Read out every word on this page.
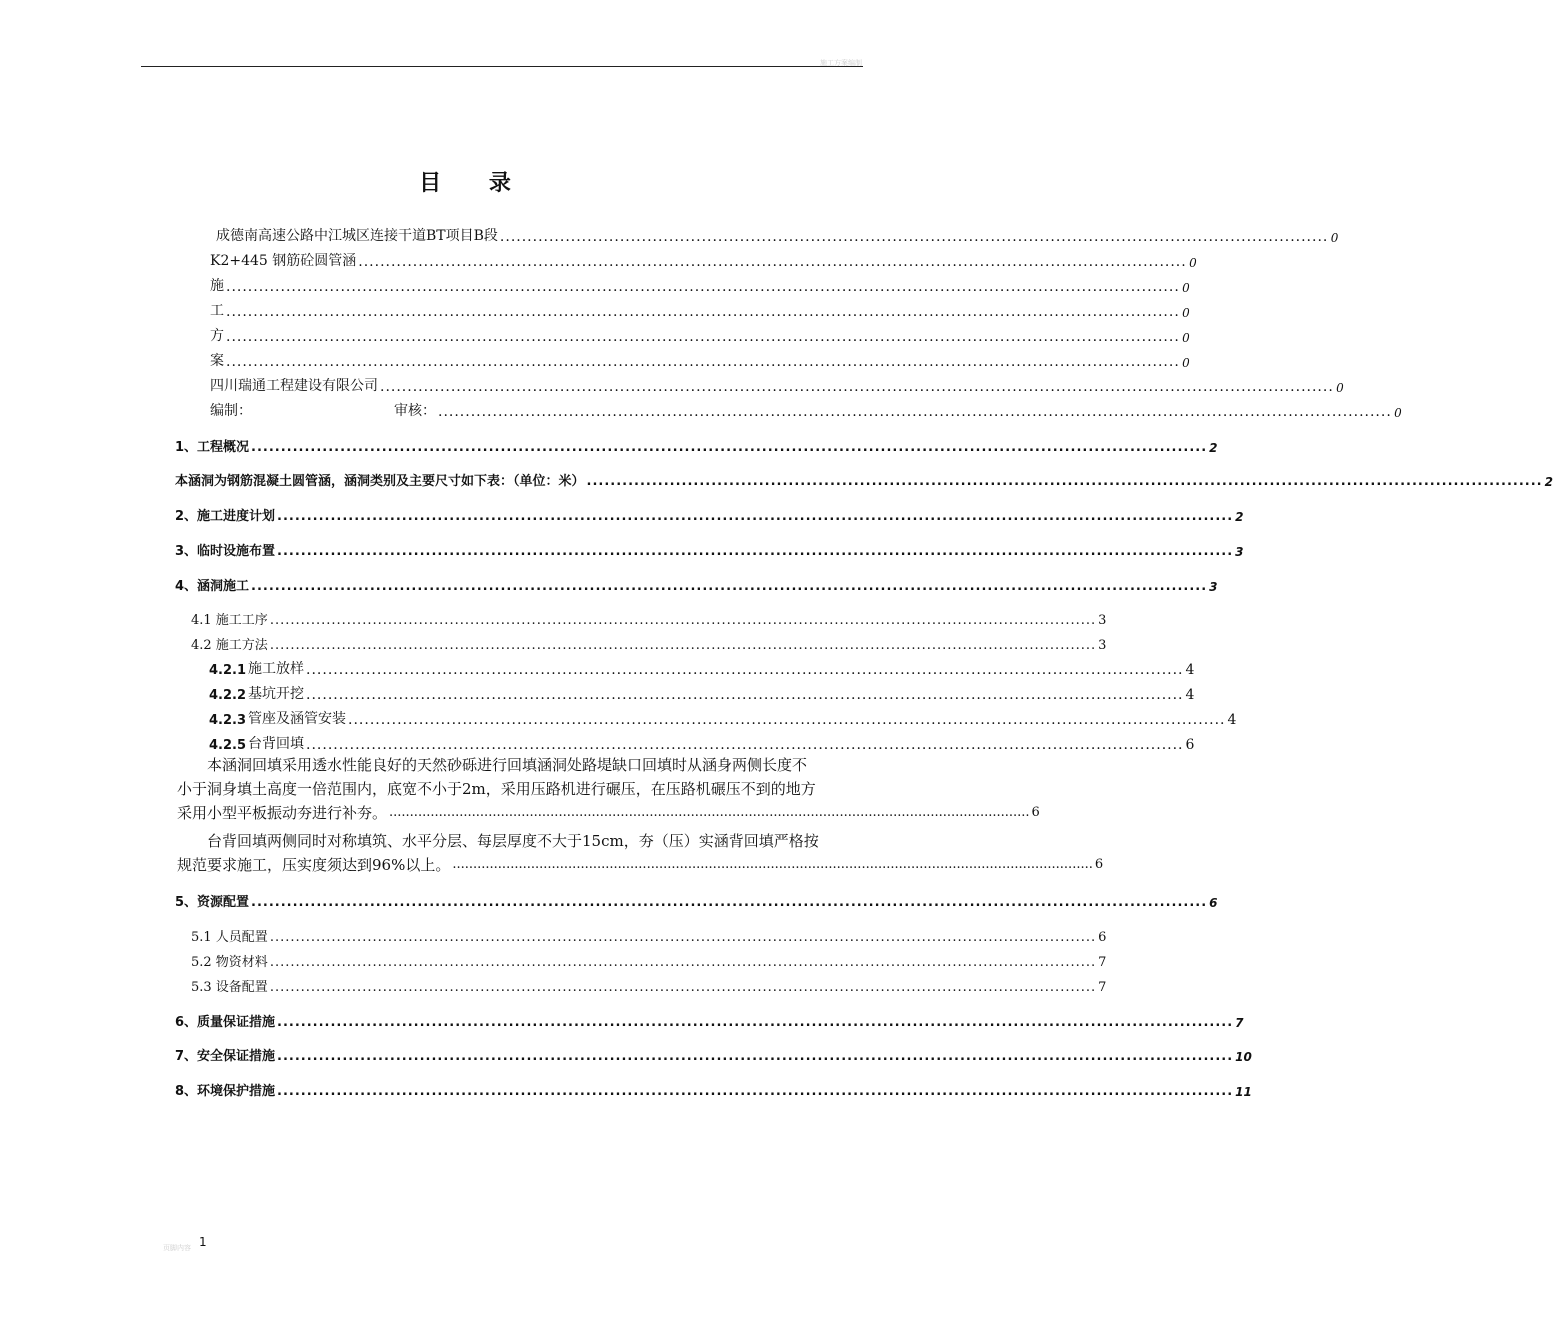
施工方案编制
目 录
成德南高速公路中江城区连接干道BT项目B段 ........................................................................................................................................................ 0
K2+445 钢筋砼圆管涵 ........................................................................................................................................................ 0
施 ............................................................................................................................................................................... 0
工 ............................................................................................................................................................................... 0
方 ............................................................................................................................................................................... 0
案 ............................................................................................................................................................................... 0
四川瑞通工程建设有限公司 ............................................................................................................................................................................... 0
编制：	审核： ............................................................................................................................................................................... 0
1、工程概况 ................................................................................................................................................................. 2
本涵洞为钢筋混凝土圆管涵，涵洞类别及主要尺寸如下表：（单位：米） ................................................................................................................................................................. 2
2、施工进度计划 ................................................................................................................................................................. 2
3、临时设施布置 ................................................................................................................................................................. 3
4、涵洞施工 ................................................................................................................................................................. 3
4.1 施工工序 ................................................................................................................................................................. 3
4.2 施工方法 ................................................................................................................................................................. 3
4.2.1 施工放样 ................................................................................................................................................................. 4
4.2.2 基坑开挖 ................................................................................................................................................................. 4
4.2.3 管座及涵管安装 ................................................................................................................................................................. 4
4.2.5 台背回填 ................................................................................................................................................................. 6
本涵洞回填采用透水性能良好的天然砂砾进行回填涵洞处路堤缺口回填时从涵身两侧长度不
小于洞身填土高度一倍范围内，底宽不小于2m，采用压路机进行碾压，在压路机碾压不到的地方
采用小型平板振动夯进行补夯。 ........................................................................................................................................................... 6
台背回填两侧同时对称填筑、水平分层、每层厚度不大于15cm，夯（压）实涵背回填严格按
规范要求施工，压实度须达到96%以上。 ........................................................................................................................................................... 6
5、资源配置 ................................................................................................................................................................. 6
5.1 人员配置 ................................................................................................................................................................. 6
5.2 物资材料 ................................................................................................................................................................. 7
5.3 设备配置 ................................................................................................................................................................. 7
6、质量保证措施 ................................................................................................................................................................. 7
7、安全保证措施 ................................................................................................................................................................. 10
8、环境保护措施 ................................................................................................................................................................. 11
1
页脚内容
